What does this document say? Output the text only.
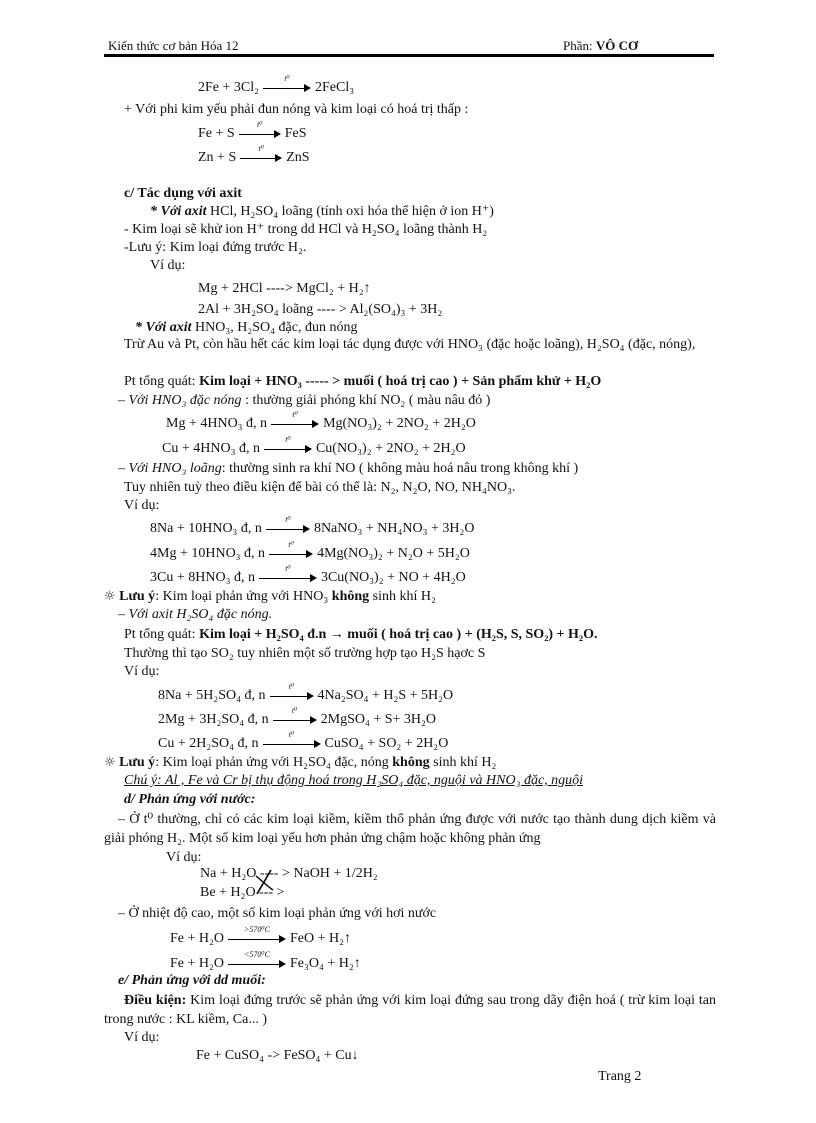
Kiến thức cơ bản Hóa 12	Phần: VÔ CƠ
2Fe + 3Cl₂
t⁰
2FeCl₃
+ Với phi kim yếu phải đun nóng và kim loại có hoá trị thấp :
Fe + S
t⁰
FeS
Zn + S
t⁰
ZnS
c/ Tác dụng với axit
* Với axit HCl, H₂SO₄ loãng (tính oxi hóa thể hiện ở ion H⁺)
- Kim loại sẽ khử ion H⁺ trong dd HCl và H₂SO₄ loãng thành H₂
-Lưu ý: Kim loại đứng trước H₂.
Ví dụ:
Mg + 2HCl ----> MgCl₂ + H₂↑
2Al + 3H₂SO₄ loãng ---- > Al₂(SO₄)₃ + 3H₂
* Với axit HNO₃, H₂SO₄ đặc, đun nóng
Trừ Au và Pt, còn hầu hết các kim loại tác dụng được với HNO₃ (đặc hoặc loãng), H₂SO₄ (đặc, nóng),
Pt tổng quát: Kim loại + HNO₃ ----- > muối ( hoá trị cao ) + Sản phẩm khử + H₂O
– Với HNO₃ đặc nóng : thường giải phóng khí NO₂ ( màu nâu đỏ )
Mg + 4HNO₃ đ, n
t⁰
Mg(NO₃)₂ + 2NO₂ + 2H₂O
Cu + 4HNO₃ đ, n
t⁰
Cu(NO₃)₂ + 2NO₂ + 2H₂O
– Với HNO₃ loãng: thường sinh ra khí NO ( không màu hoá nâu trong không khí )
Tuy nhiên tuỳ theo điều kiện để bài có thể là: N₂, N₂O, NO, NH₄NO₃.
Ví dụ:
8Na + 10HNO₃ đ, n
t⁰
8NaNO₃ + NH₄NO₃ + 3H₂O
4Mg + 10HNO₃ đ, n
t⁰
4Mg(NO₃)₂ + N₂O + 5H₂O
3Cu + 8HNO₃ đ, n
t⁰
3Cu(NO₃)₂ + NO + 4H₂O
☼ Lưu ý: Kim loại phản ứng với HNO₃ không sinh khí H₂
– Với axit H₂SO₄ đặc nóng.
Pt tổng quát: Kim loại + H₂SO₄ đ.n → muối ( hoá trị cao ) + (H₂S, S, SO₂) + H₂O.
Thường thì tạo SO₂ tuy nhiên một số trường hợp tạo H₂S hạơc S
Ví dụ:
8Na + 5H₂SO₄ đ, n
t⁰
4Na₂SO₄ + H₂S + 5H₂O
2Mg + 3H₂SO₄ đ, n
t⁰
2MgSO₄ + S+ 3H₂O
Cu + 2H₂SO₄ đ, n
t⁰
CuSO₄ + SO₂ + 2H₂O
☼ Lưu ý: Kim loại phản ứng với H₂SO₄ đặc, nóng không sinh khí H₂
Chú ý: Al , Fe và Cr bị thụ động hoá trong H₂SO₄ đặc, nguội và HNO₃ đặc, nguội
d/ Phản ứng với nước:
– Ở t⁰ thường, chỉ có các kim loại kiềm, kiềm thổ phản ứng được với nước tạo thành dung dịch kiềm và giải phóng H₂. Một số kim loại yếu hơn phản ứng chậm hoặc không phản ứng
Ví dụ:
Na + H₂O ---- > NaOH + 1/2H₂
Be + H₂O --- >
– Ở nhiệt độ cao, một số kim loại phản ứng với hơi nước
Fe + H₂O
>570⁰C
FeO + H₂↑
Fe + H₂O
<570⁰C
Fe₃O₄ + H₂↑
e/ Phản ứng với dd muối:
Điều kiện: Kim loại đứng trước sẽ phản ứng với kim loại đứng sau trong dãy điện hoá ( trừ kim loại tan trong nước : KL kiềm, Ca... )
Ví dụ:
Fe + CuSO₄ -> FeSO₄ + Cu↓
Trang 2
